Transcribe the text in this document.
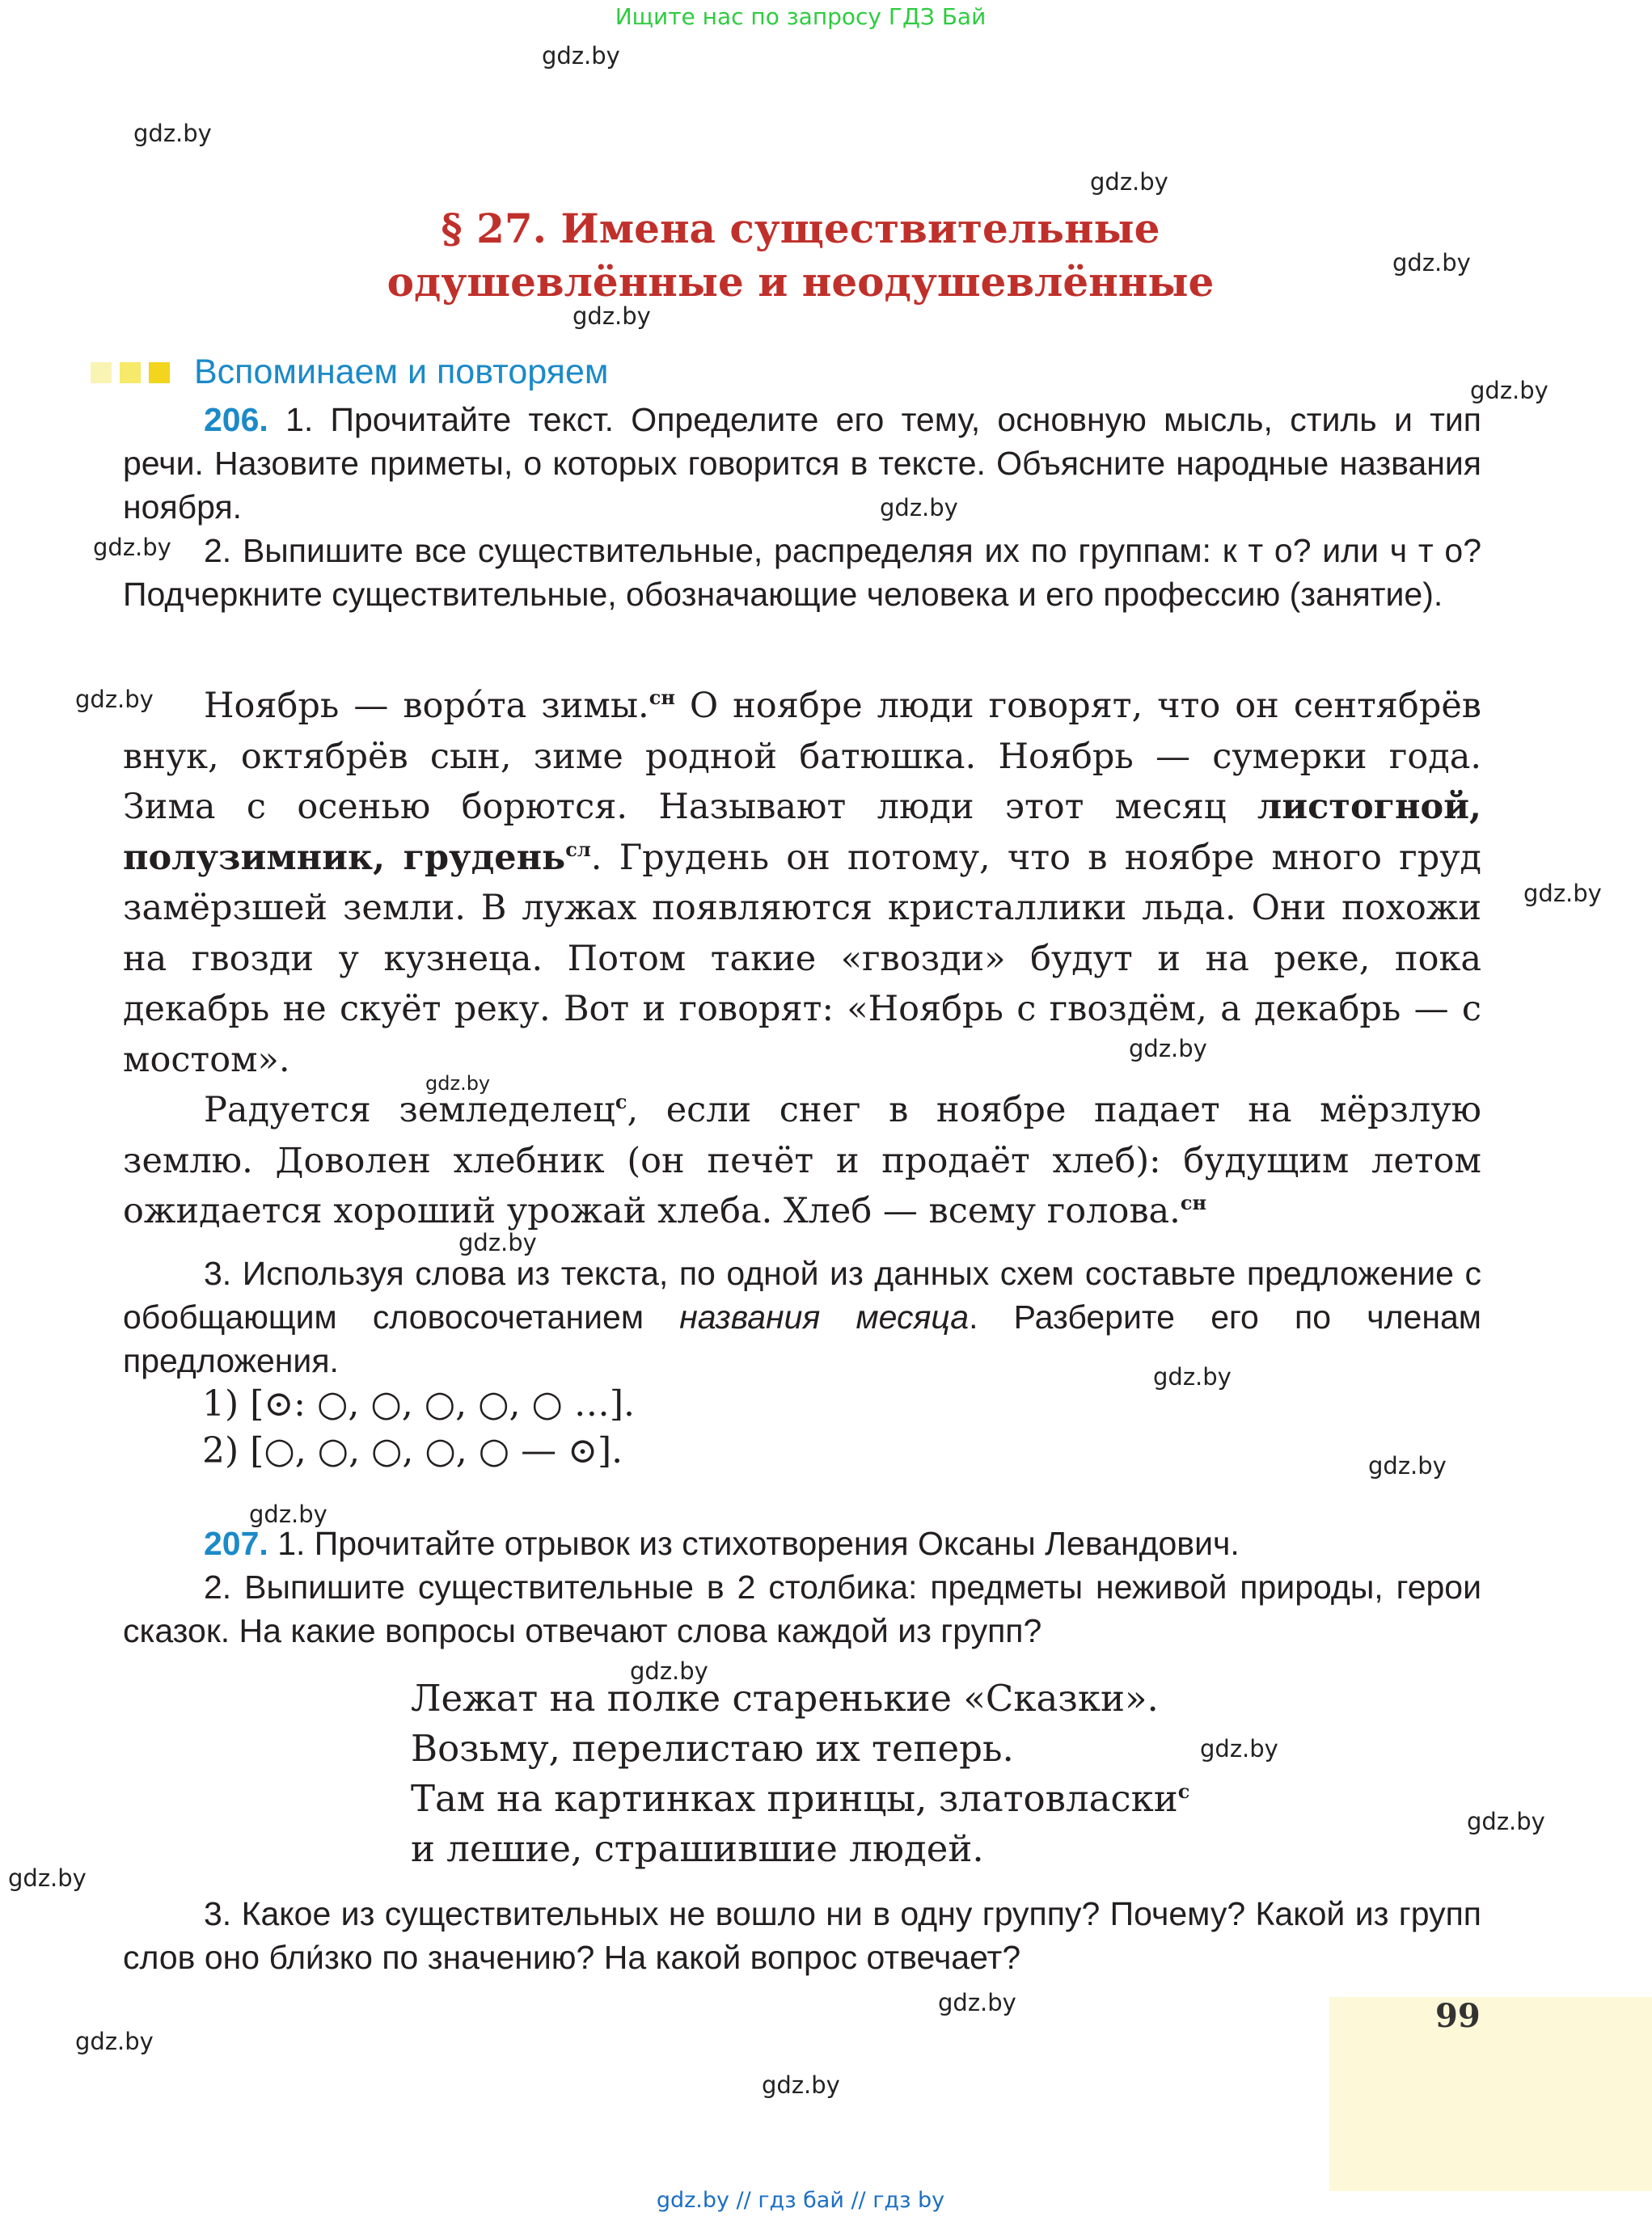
Ищите нас по запросу ГДЗ Бай
gdz.by
gdz.by
gdz.by
gdz.by
gdz.by
gdz.by
gdz.by
gdz.by
gdz.by
gdz.by
gdz.by
gdz.by
gdz.by
gdz.by
gdz.by
gdz.by
gdz.by
gdz.by
gdz.by
gdz.by
gdz.by
gdz.by
gdz.by
§ 27. Имена существительные
одушевлённые и неодушевлённые
Вспоминаем и повторяем

206. 1. Прочитайте текст. Определите его тему, основную мысль, стиль и тип речи. Назовите приметы, о которых говорится в тексте. Объясните народные названия ноября.

2. Выпишите все существительные, распределяя их по группам: к т о? или ч т о? Подчеркните существительные, обозначающие человека и его профессию (занятие).

Ноябрь — воро́та зимы.$^{сн}$ О ноябре люди говорят, что он сентябрёв внук, октябрёв сын, зиме родной батюшка. Ноябрь — сумерки года. Зима с осенью борются. Называют люди этот месяц листогной, полузимник, грудень$^{сл}$. Грудень он потому, что в ноябре много груд замёрзшей земли. В лужах появляются кристаллики льда. Они похожи на гвозди у кузнеца. Потом такие «гвозди» будут и на реке, пока декабрь не скуёт реку. Вот и говорят: «Ноябрь с гвоздём, а декабрь — с мостом».

Радуется земледелец$^с$, если снег в ноябре падает на мёрзлую землю. Доволен хлебник (он печёт и продаёт хлеб): будущим летом ожидается хороший урожай хлеба. Хлеб — всему голова.$^{сн}$

3. Используя слова из текста, по одной из данных схем составьте предложение с обобщающим словосочетанием названия месяца. Разберите его по членам предложения.

1) [⊙: ○, ○, ○, ○, ○ …].
2) [○, ○, ○, ○, ○ — ⊙].

207. 1. Прочитайте отрывок из стихотворения Оксаны Левандович.

2. Выпишите существительные в 2 столбика: предметы неживой природы, герои сказок. На какие вопросы отвечают слова каждой из групп?

Лежат на полке старенькие «Сказки».
Возьму, перелистаю их теперь.
Там на картинках принцы, златовласки$^с$
и лешие, страшившие людей.

3. Какое из существительных не вошло ни в одну группу? Почему? Какой из групп слов оно бли́зко по значению? На какой вопрос отвечает?

99
gdz.by // гдз бай // гдз by
